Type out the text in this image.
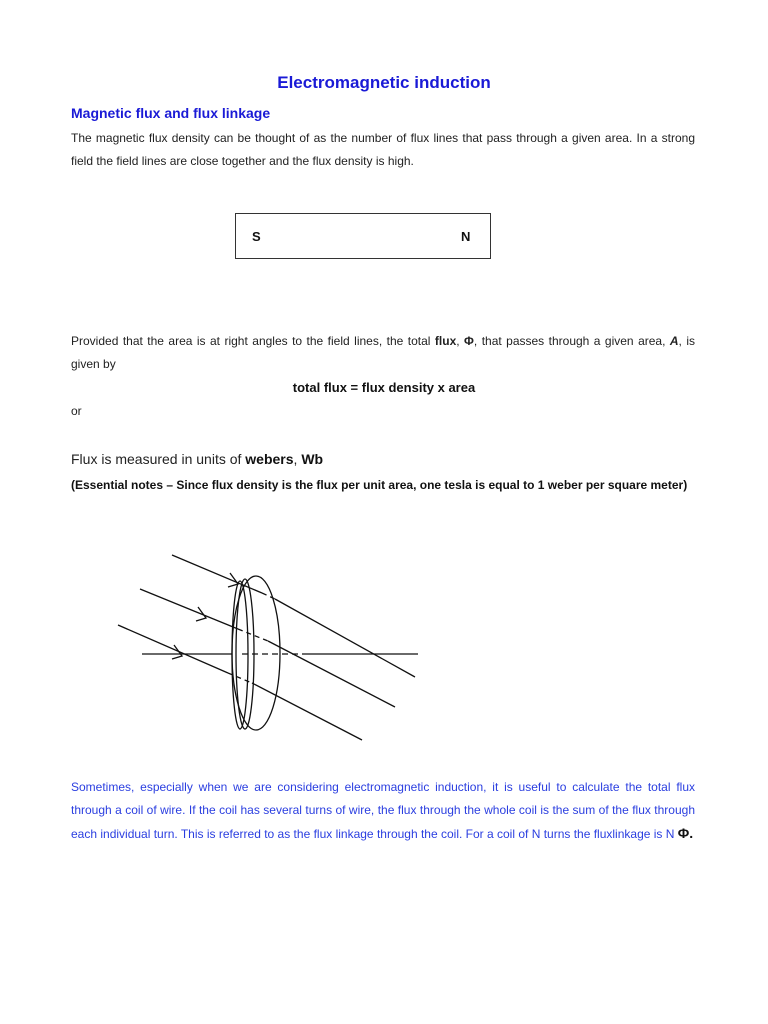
Electromagnetic induction
Magnetic flux and flux linkage
The magnetic flux density can be thought of as the number of flux lines that pass through a given area. In a strong field the field lines are close together and the flux density is high.
S	N
Provided that the area is at right angles to the field lines, the total flux, Φ, that passes through a given area, A, is given by
total flux = flux density x area
or
Flux is measured in units of webers, Wb
(Essential notes – Since flux density is the flux per unit area, one tesla is equal to 1 weber per square meter)
Sometimes, especially when we are considering electromagnetic induction, it is useful to calculate the total flux through a coil of wire. If the coil has several turns of wire, the flux through the whole coil is the sum of the flux through each individual turn. This is referred to as the flux linkage through the coil. For a coil of N turns the fluxlinkage is N Φ.
